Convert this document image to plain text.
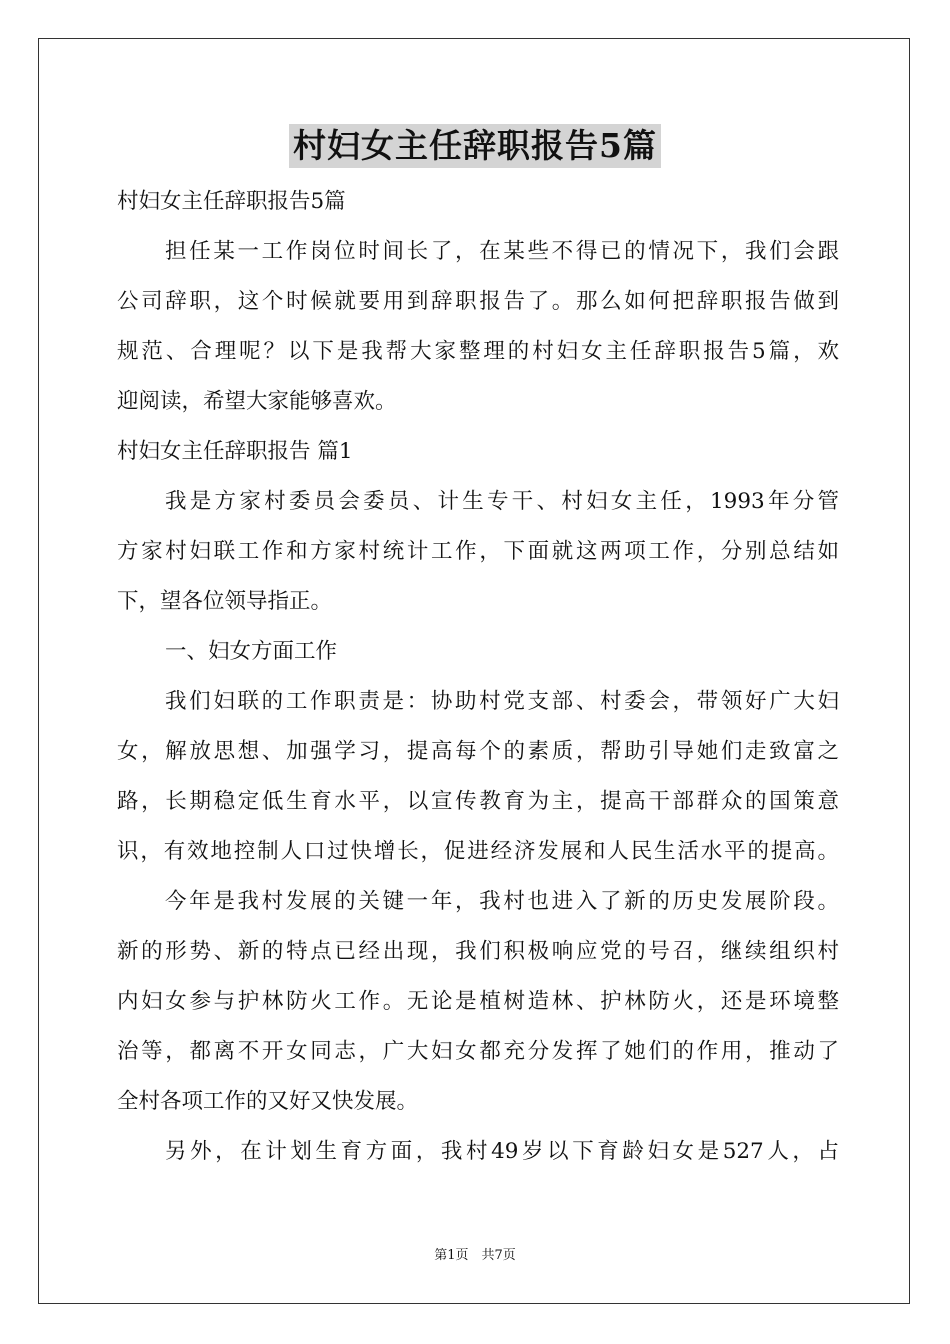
村妇女主任辞职报告5篇
村妇女主任辞职报告5篇
担任某一工作岗位时间长了，在某些不得已的情况下，我们会跟
公司辞职，这个时候就要用到辞职报告了。那么如何把辞职报告做到
规范、合理呢？以下是我帮大家整理的村妇女主任辞职报告5篇，欢
迎阅读，希望大家能够喜欢。
村妇女主任辞职报告 篇1
我是方家村委员会委员、计生专干、村妇女主任，1993年分管
方家村妇联工作和方家村统计工作，下面就这两项工作，分别总结如
下，望各位领导指正。
一、妇女方面工作
我们妇联的工作职责是：协助村党支部、村委会，带领好广大妇
女，解放思想、加强学习，提高每个的素质，帮助引导她们走致富之
路，长期稳定低生育水平，以宣传教育为主，提高干部群众的国策意
识，有效地控制人口过快增长，促进经济发展和人民生活水平的提高。
今年是我村发展的关键一年，我村也进入了新的历史发展阶段。
新的形势、新的特点已经出现，我们积极响应党的号召，继续组织村
内妇女参与护林防火工作。无论是植树造林、护林防火，还是环境整
治等，都离不开女同志，广大妇女都充分发挥了她们的作用，推动了
全村各项工作的又好又快发展。
另外，在计划生育方面，我村49岁以下育龄妇女是527人，占
第1页　共7页
